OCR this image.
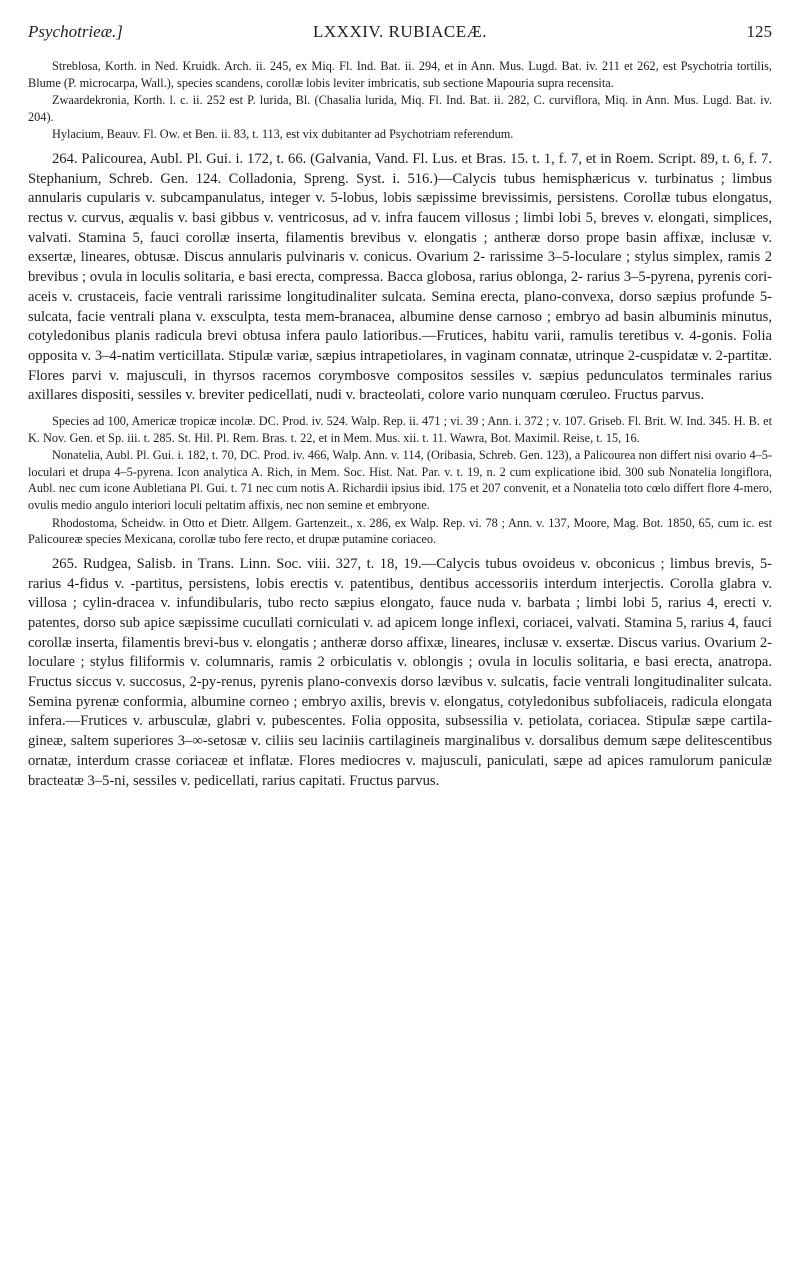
Psychotrieæ.]	LXXXIV. RUBIACEÆ.	125

Streblosa, Korth. in Ned. Kruidk. Arch. ii. 245, ex Miq. Fl. Ind. Bat. ii. 294, et in Ann. Mus. Lugd. Bat. iv. 211 et 262, est Psychotria tortilis, Blume (P. microcarpa, Wall.), species scandens, corollæ lobis leviter imbricatis, sub sectione Mapouria supra recensita.

Zwaardekronia, Korth. l. c. ii. 252 est P. lurida, Bl. (Chasalia lurida, Miq. Fl. Ind. Bat. ii. 282, C. curviflora, Miq. in Ann. Mus. Lugd. Bat. iv. 204).

Hylacium, Beauv. Fl. Ow. et Ben. ii. 83, t. 113, est vix dubitanter ad Psychotriam referendum.

264. Palicourea, Aubl. Pl. Gui. i. 172, t. 66. (Galvania, Vand. Fl. Lus. et Bras. 15. t. 1, f. 7, et in Roem. Script. 89, t. 6, f. 7. Stephanium, Schreb. Gen. 124. Colladonia, Spreng. Syst. i. 516.)—Calycis tubus hemisphæricus v. turbinatus ; limbus annularis cupularis v. subcampanulatus, integer v. 5-lobus, lobis sæpissime brevissimis, persistens. Corollæ tubus elongatus, rectus v. curvus, æqualis v. basi gibbus v. ventricosus, ad v. infra faucem villosus ; limbi lobi 5, breves v. elongati, simplices, valvati. Stamina 5, fauci corollæ inserta, filamentis brevibus v. elongatis ; antheræ dorso prope basin affixæ, inclusæ v. exsertæ, lineares, obtusæ. Discus annularis pulvinaris v. conicus. Ovarium 2- rarissime 3–5-loculare ; stylus simplex, ramis 2 brevibus ; ovula in loculis solitaria, e basi erecta, compressa. Bacca globosa, rarius oblonga, 2- rarius 3–5-pyrena, pyrenis cori-aceis v. crustaceis, facie ventrali rarissime longitudinaliter sulcata. Semina erecta, plano-convexa, dorso sæpius profunde 5-sulcata, facie ventrali plana v. exsculpta, testa mem-branacea, albumine dense carnoso ; embryo ad basin albuminis minutus, cotyledonibus planis radicula brevi obtusa infera paulo latioribus.—Frutices, habitu varii, ramulis teretibus v. 4-gonis. Folia opposita v. 3–4-natim verticillata. Stipulæ variæ, sæpius intrapetiolares, in vaginam connatæ, utrinque 2-cuspidatæ v. 2-partitæ. Flores parvi v. majusculi, in thyrsos racemos corymbosve compositos sessiles v. sæpius pedunculatos terminales rarius axillares dispositi, sessiles v. breviter pedicellati, nudi v. bracteolati, colore vario nunquam cœruleo. Fructus parvus.

Species ad 100, Americæ tropicæ incolæ. DC. Prod. iv. 524. Walp. Rep. ii. 471 ; vi. 39 ; Ann. i. 372 ; v. 107. Griseb. Fl. Brit. W. Ind. 345. H. B. et K. Nov. Gen. et Sp. iii. t. 285. St. Hil. Pl. Rem. Bras. t. 22, et in Mem. Mus. xii. t. 11. Wawra, Bot. Maximil. Reise, t. 15, 16.

Nonatelia, Aubl. Pl. Gui. i. 182, t. 70, DC. Prod. iv. 466, Walp. Ann. v. 114, (Oribasia, Schreb. Gen. 123), a Palicourea non differt nisi ovario 4–5-loculari et drupa 4–5-pyrena. Icon analytica A. Rich, in Mem. Soc. Hist. Nat. Par. v. t. 19, n. 2 cum explicatione ibid. 300 sub Nonatelia longiflora, Aubl. nec cum icone Aubletiana Pl. Gui. t. 71 nec cum notis A. Richardii ipsius ibid. 175 et 207 convenit, et a Nonatelia toto cœlo differt flore 4-mero, ovulis medio angulo interiori loculi peltatim affixis, nec non semine et embryone.

Rhodostoma, Scheidw. in Otto et Dietr. Allgem. Gartenzeit., x. 286, ex Walp. Rep. vi. 78 ; Ann. v. 137, Moore, Mag. Bot. 1850, 65, cum ic. est Palicoureæ species Mexicana, corollæ tubo fere recto, et drupæ putamine coriaceo.

265. Rudgea, Salisb. in Trans. Linn. Soc. viii. 327, t. 18, 19.—Calycis tubus ovoideus v. obconicus ; limbus brevis, 5- rarius 4-fidus v. -partitus, persistens, lobis erectis v. patentibus, dentibus accessoriis interdum interjectis. Corolla glabra v. villosa ; cylin-dracea v. infundibularis, tubo recto sæpius elongato, fauce nuda v. barbata ; limbi lobi 5, rarius 4, erecti v. patentes, dorso sub apice sæpissime cucullati corniculati v. ad apicem longe inflexi, coriacei, valvati. Stamina 5, rarius 4, fauci corollæ inserta, filamentis brevi-bus v. elongatis ; antheræ dorso affixæ, lineares, inclusæ v. exsertæ. Discus varius. Ovarium 2-loculare ; stylus filiformis v. columnaris, ramis 2 orbiculatis v. oblongis ; ovula in loculis solitaria, e basi erecta, anatropa. Fructus siccus v. succosus, 2-py-renus, pyrenis plano-convexis dorso lævibus v. sulcatis, facie ventrali longitudinaliter sulcata. Semina pyrenæ conformia, albumine corneo ; embryo axilis, brevis v. elongatus, cotyledonibus subfoliaceis, radicula elongata infera.—Frutices v. arbusculæ, glabri v. pubescentes. Folia opposita, subsessilia v. petiolata, coriacea. Stipulæ sæpe cartila-gineæ, saltem superiores 3–∞-setosæ v. ciliis seu laciniis cartilagineis marginalibus v. dorsalibus demum sæpe delitescentibus ornatæ, interdum crasse coriaceæ et inflatæ. Flores mediocres v. majusculi, paniculati, sæpe ad apices ramulorum paniculæ bracteatæ 3–5-ni, sessiles v. pedicellati, rarius capitati. Fructus parvus.
